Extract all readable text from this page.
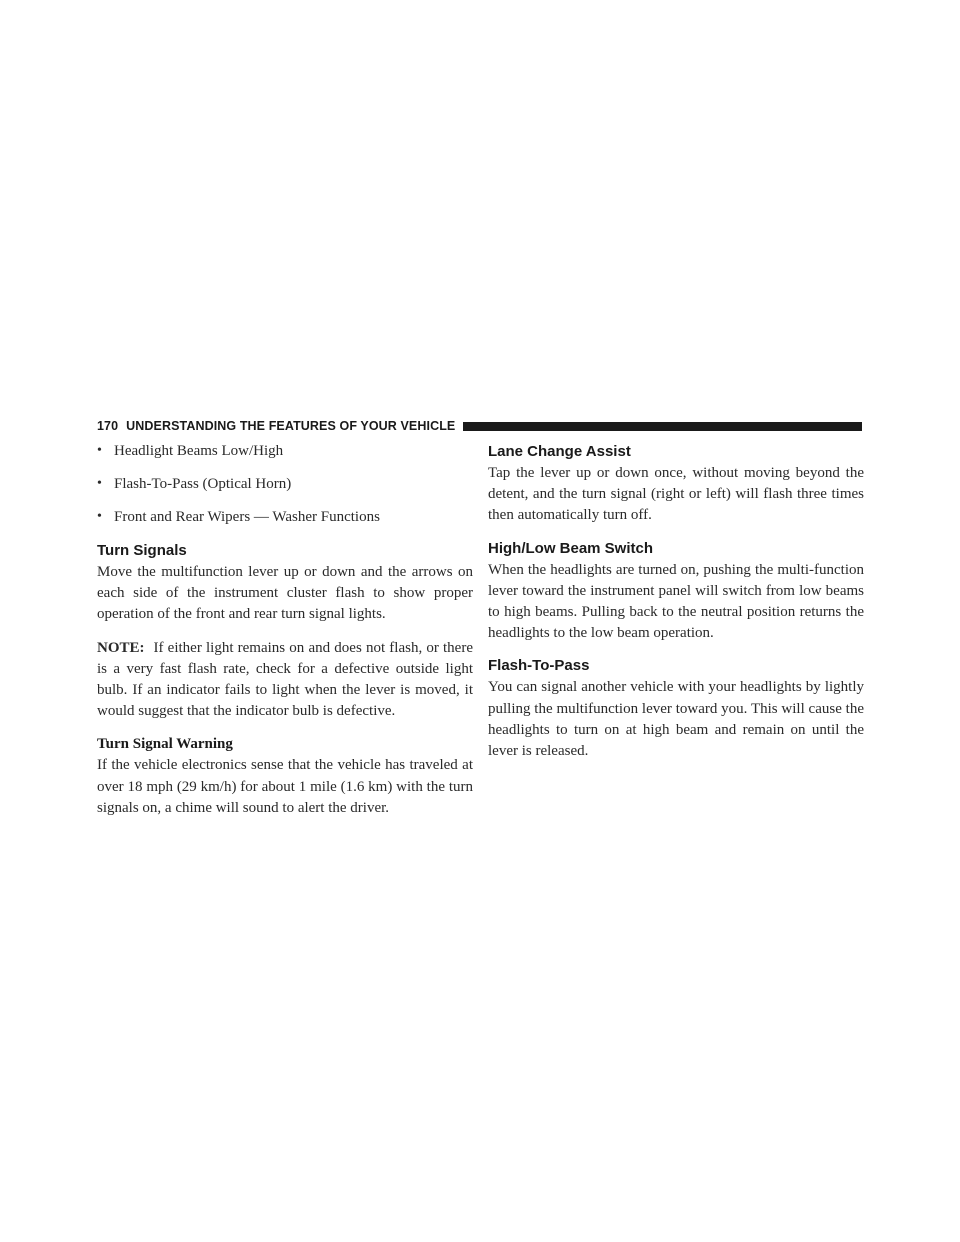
170 UNDERSTANDING THE FEATURES OF YOUR VEHICLE
• Headlight Beams Low/High
• Flash-To-Pass (Optical Horn)
• Front and Rear Wipers — Washer Functions
Turn Signals

Move the multifunction lever up or down and the arrows on each side of the instrument cluster flash to show proper operation of the front and rear turn signal lights.

NOTE: If either light remains on and does not flash, or there is a very fast flash rate, check for a defective outside light bulb. If an indicator fails to light when the lever is moved, it would suggest that the indicator bulb is defective.

Turn Signal Warning

If the vehicle electronics sense that the vehicle has traveled at over 18 mph (29 km/h) for about 1 mile (1.6 km) with the turn signals on, a chime will sound to alert the driver.

Lane Change Assist

Tap the lever up or down once, without moving beyond the detent, and the turn signal (right or left) will flash three times then automatically turn off.

High/Low Beam Switch

When the headlights are turned on, pushing the multi-function lever toward the instrument panel will switch from low beams to high beams. Pulling back to the neutral position returns the headlights to the low beam operation.

Flash-To-Pass

You can signal another vehicle with your headlights by lightly pulling the multifunction lever toward you. This will cause the headlights to turn on at high beam and remain on until the lever is released.
